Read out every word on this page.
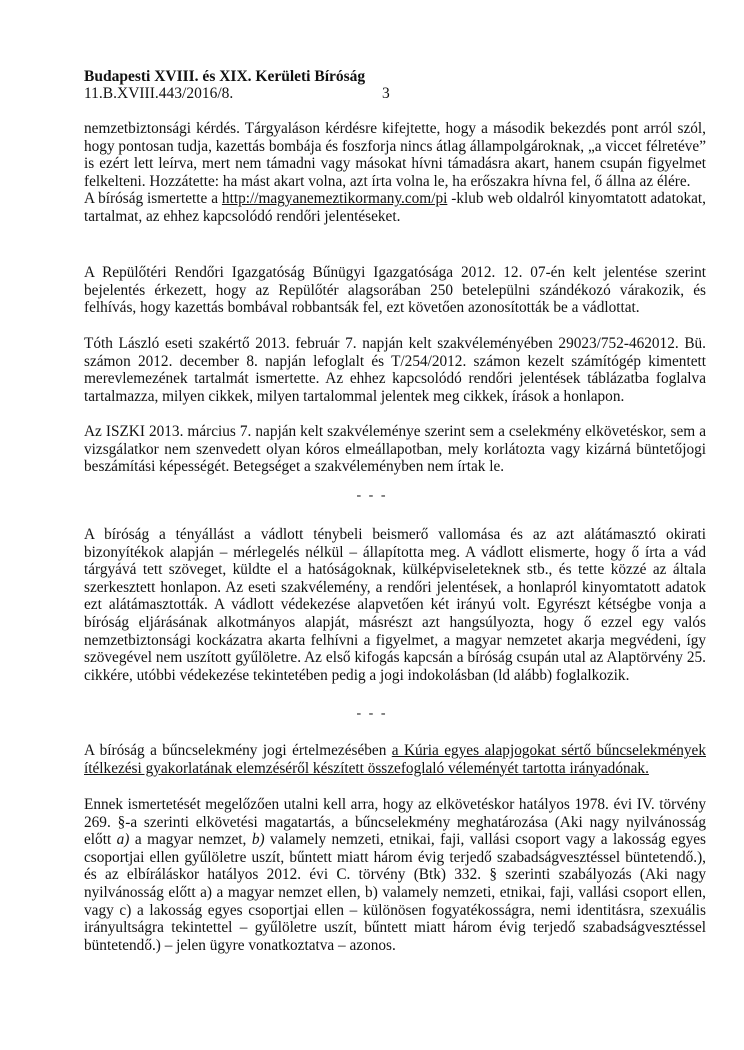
Budapesti XVIII. és XIX. Kerületi Bíróság
11.B.XVIII.443/2016/8.	3

nemzetbiztonsági kérdés. Tárgyaláson kérdésre kifejtette, hogy a második bekezdés pont arról szól, hogy pontosan tudja, kazettás bombája és foszforja nincs átlag állampolgároknak, „a viccet félretéve” is ezért lett leírva, mert nem támadni vagy másokat hívni támadásra akart, hanem csupán figyelmet felkelteni. Hozzátette: ha mást akart volna, azt írta volna le, ha erőszakra hívna fel, ő állna az élére.

A bíróság ismertette a http://magyanemeztikormany.com/pi -klub web oldalról kinyomtatott adatokat, tartalmat, az ehhez kapcsolódó rendőri jelentéseket.

A Repülőtéri Rendőri Igazgatóság Bűnügyi Igazgatósága 2012. 12. 07-én kelt jelentése szerint bejelentés érkezett, hogy az Repülőtér alagsorában 250 betelepülni szándékozó várakozik, és felhívás, hogy kazettás bombával robbantsák fel, ezt követően azonosították be a vádlottat.

Tóth László eseti szakértő 2013. február 7. napján kelt szakvéleményében 29023/752-462012. Bü. számon 2012. december 8. napján lefoglalt és T/254/2012. számon kezelt számítógép kimentett merevlemezének tartalmát ismertette. Az ehhez kapcsolódó rendőri jelentések táblázatba foglalva tartalmazza, milyen cikkek, milyen tartalommal jelentek meg cikkek, írások a honlapon.

Az ISZKI 2013. március 7. napján kelt szakvéleménye szerint sem a cselekmény elkövetéskor, sem a vizsgálatkor nem szenvedett olyan kóros elmeállapotban, mely korlátozta vagy kizárná büntetőjogi beszámítási képességét. Betegséget a szakvéleményben nem írtak le.

- - -

A bíróság a tényállást a vádlott ténybeli beismerő vallomása és az azt alátámasztó okirati bizonyítékok alapján – mérlegelés nélkül – állapította meg. A vádlott elismerte, hogy ő írta a vád tárgyává tett szöveget, küldte el a hatóságoknak, külképviseleteknek stb., és tette közzé az általa szerkesztett honlapon. Az eseti szakvélemény, a rendőri jelentések, a honlapról kinyomtatott adatok ezt alátámasztották. A vádlott védekezése alapvetően két irányú volt. Egyrészt kétségbe vonja a bíróság eljárásának alkotmányos alapját, másrészt azt hangsúlyozta, hogy ő ezzel egy valós nemzetbiztonsági kockázatra akarta felhívni a figyelmet, a magyar nemzetet akarja megvédeni, így szövegével nem uszított gyűlöletre. Az első kifogás kapcsán a bíróság csupán utal az Alaptörvény 25. cikkére, utóbbi védekezése tekintetében pedig a jogi indokolásban (ld alább) foglalkozik.

- - -

A bíróság a bűncselekmény jogi értelmezésében a Kúria egyes alapjogokat sértő bűncselekmények ítélkezési gyakorlatának elemzéséről készített összefoglaló véleményét tartotta irányadónak.

Ennek ismertetését megelőzően utalni kell arra, hogy az elkövetéskor hatályos 1978. évi IV. törvény 269. §-a szerinti elkövetési magatartás, a bűncselekmény meghatározása (Aki nagy nyilvánosság előtt a) a magyar nemzet, b) valamely nemzeti, etnikai, faji, vallási csoport vagy a lakosság egyes csoportjai ellen gyűlöletre uszít, bűntett miatt három évig terjedő szabadságvesztéssel büntetendő.), és az elbíráláskor hatályos 2012. évi C. törvény (Btk) 332. § szerinti szabályozás (Aki nagy nyilvánosság előtt a) a magyar nemzet ellen, b) valamely nemzeti, etnikai, faji, vallási csoport ellen, vagy c) a lakosság egyes csoportjai ellen – különösen fogyatékosságra, nemi identitásra, szexuális irányultságra tekintettel – gyűlöletre uszít, bűntett miatt három évig terjedő szabadságvesztéssel büntetendő.) – jelen ügyre vonatkoztatva – azonos.
